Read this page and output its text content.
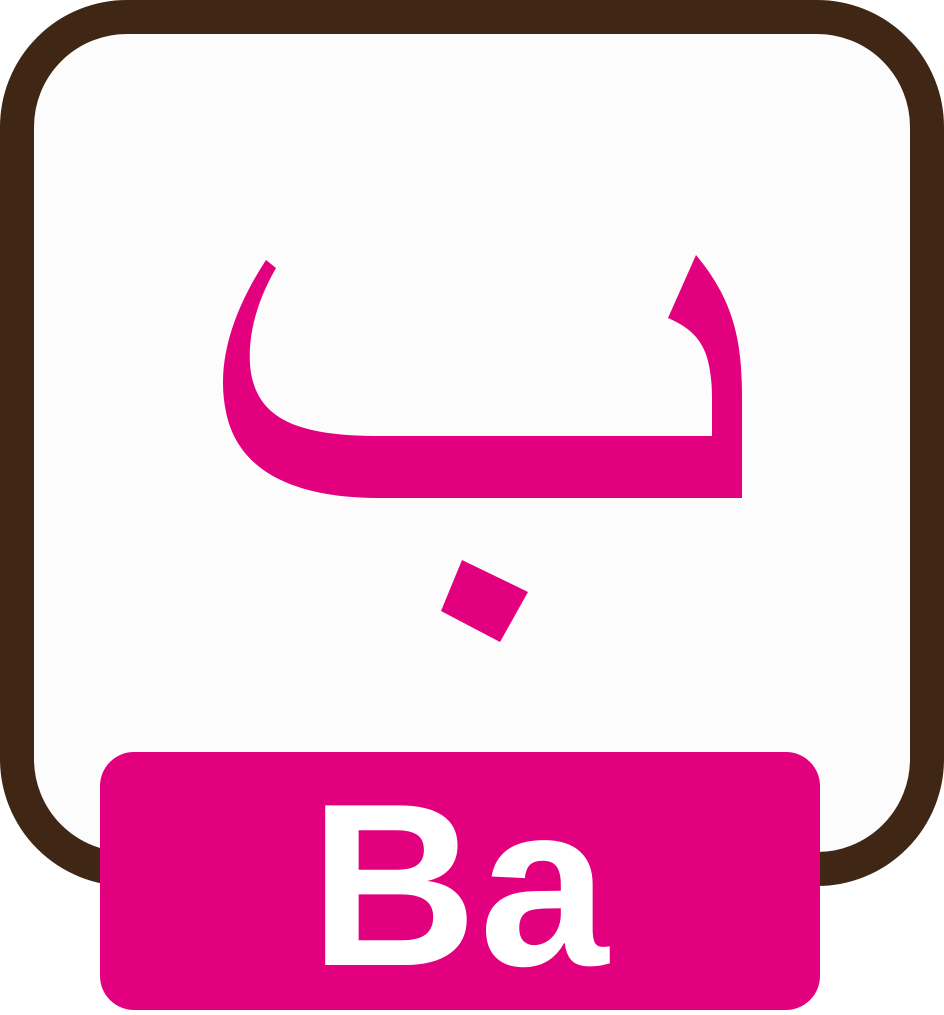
Ba
